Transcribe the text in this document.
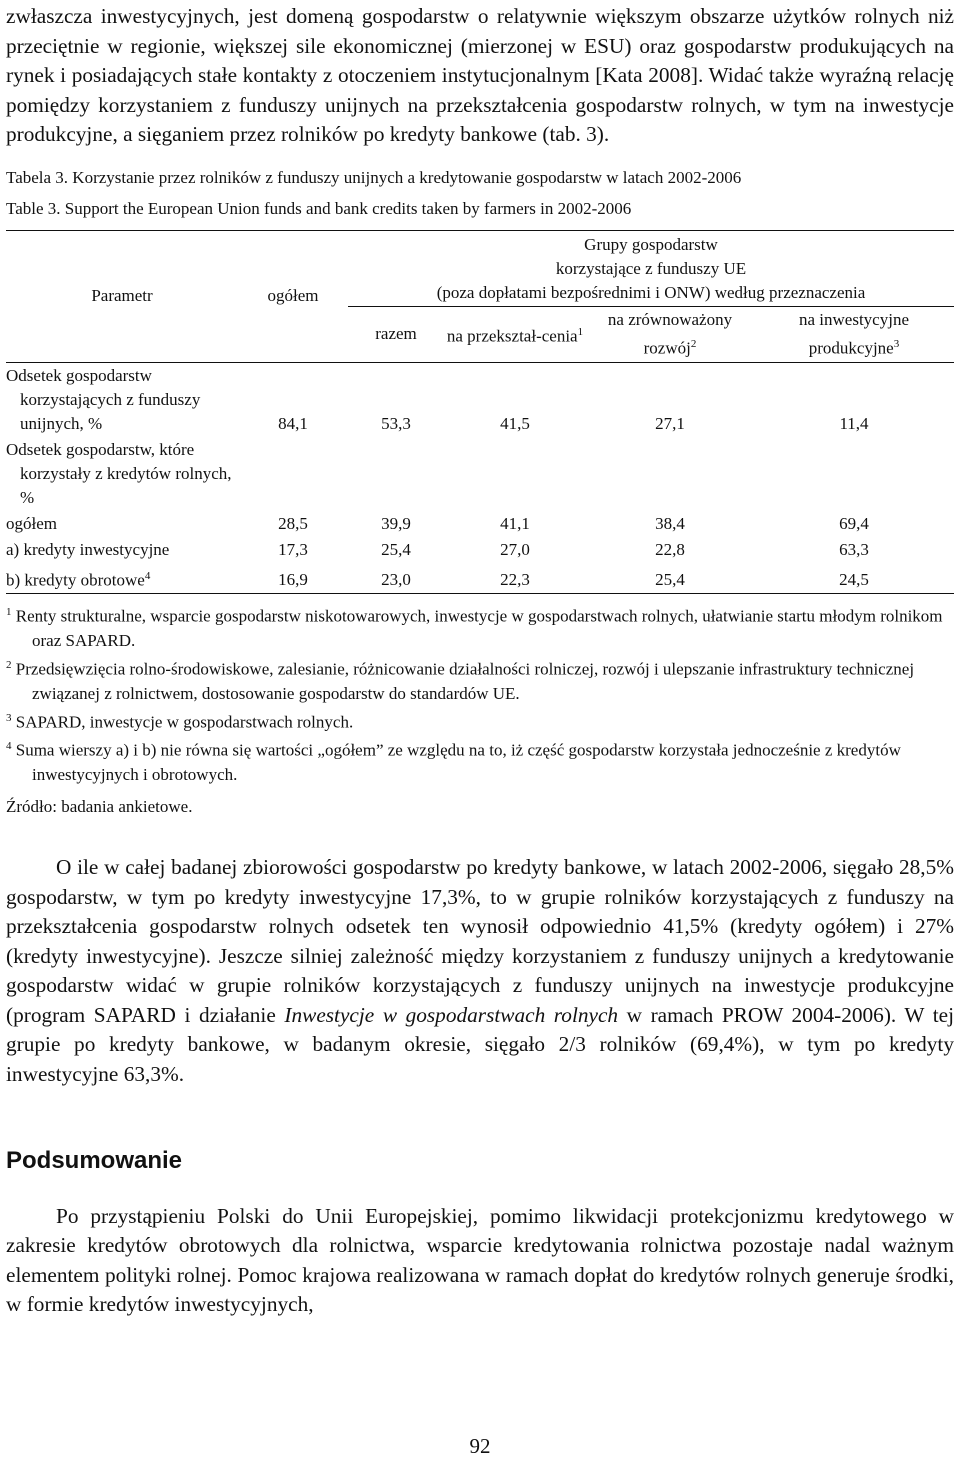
zwłaszcza inwestycyjnych, jest domeną gospodarstw o relatywnie większym obszarze użytków rolnych niż przeciętnie w regionie, większej sile ekonomicznej (mierzonej w ESU) oraz gospodarstw produkujących na rynek i posiadających stałe kontakty z otoczeniem instytucjonalnym [Kata 2008]. Widać także wyraźną relację pomiędzy korzystaniem z funduszy unijnych na przekształcenia gospodarstw rolnych, w tym na inwestycje produkcyjne, a sięganiem przez rolników po kredyty bankowe (tab. 3).

Tabela 3. Korzystanie przez rolników z funduszy unijnych a kredytowanie gospodarstw w latach 2002-2006

Table 3. Support the European Union funds and bank credits taken by farmers in 2002-2006

Parametr	ogółem	Grupy gospodarstw
korzystające z funduszy UE
(poza dopłatami bezpośrednimi i ONW) według przeznaczenia			

		razem	na przekształ-cenia$^1$	na zrównoważony rozwój$^2$	na inwestycyjne produkcyjne$^3$
Odsetek gospodarstw korzystających z funduszy unijnych, %	84,1	53,3	41,5	27,1	11,4
Odsetek gospodarstw, które korzystały z kredytów rolnych, %					
ogółem	28,5	39,9	41,1	38,4	69,4
a) kredyty inwestycyjne	17,3	25,4	27,0	22,8	63,3
b) kredyty obrotowe$^4$	16,9	23,0	22,3	25,4	24,5

$^1$ Renty strukturalne, wsparcie gospodarstw niskotowarowych, inwestycje w gospodarstwach rolnych, ułatwianie startu młodym rolnikom oraz SAPARD.

$^2$ Przedsięwzięcia rolno-środowiskowe, zalesianie, różnicowanie działalności rolniczej, rozwój i ulepszanie infrastruktury technicznej związanej z rolnictwem, dostosowanie gospodarstw do standardów UE.

$^3$ SAPARD, inwestycje w gospodarstwach rolnych.

$^4$ Suma wierszy a) i b) nie równa się wartości „ogółem” ze względu na to, iż część gospodarstw korzystała jednocześnie z kredytów inwestycyjnych i obrotowych.

Źródło: badania ankietowe.

O ile w całej badanej zbiorowości gospodarstw po kredyty bankowe, w latach 2002-2006, sięgało 28,5% gospodarstw, w tym po kredyty inwestycyjne 17,3%, to w grupie rolników korzystających z funduszy na przekształcenia gospodarstw rolnych odsetek ten wynosił odpowiednio 41,5% (kredyty ogółem) i 27% (kredyty inwestycyjne). Jeszcze silniej zależność między korzystaniem z funduszy unijnych a kredytowanie gospodarstw widać w grupie rolników korzystających z funduszy unijnych na inwestycje produkcyjne (program SAPARD i działanie Inwestycje w gospodarstwach rolnych w ramach PROW 2004-2006). W tej grupie po kredyty bankowe, w badanym okresie, sięgało 2/3 rolników (69,4%), w tym po kredyty inwestycyjne 63,3%.

Podsumowanie

Po przystąpieniu Polski do Unii Europejskiej, pomimo likwidacji protekcjonizmu kredytowego w zakresie kredytów obrotowych dla rolnictwa, wsparcie kredytowania rolnictwa pozostaje nadal ważnym elementem polityki rolnej. Pomoc krajowa realizowana w ramach dopłat do kredytów rolnych generuje środki, w formie kredytów inwestycyjnych,

92
